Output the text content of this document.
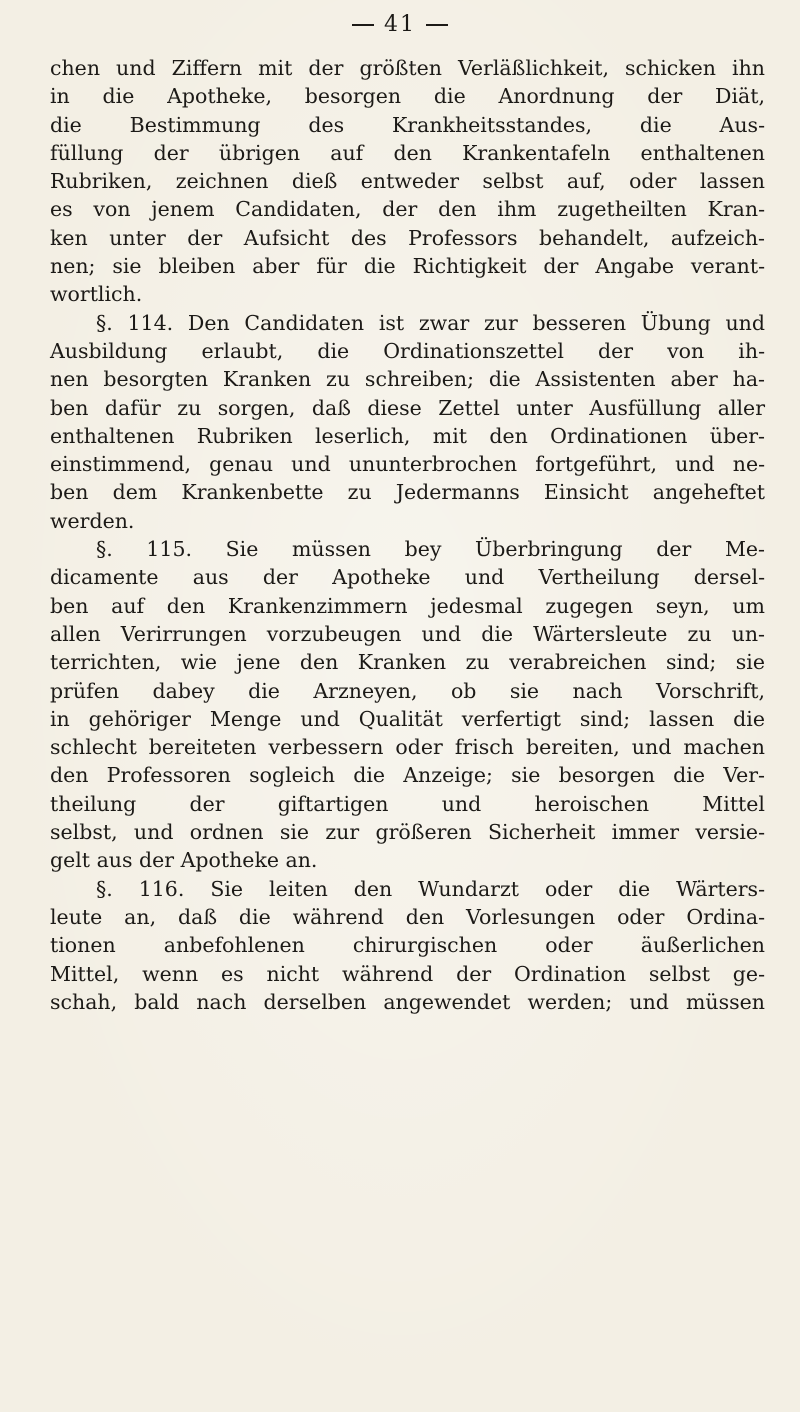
41
chen und Ziffern mit der größten Verläßlichkeit, schicken ihn
in die Apotheke, besorgen die Anordnung der Diät,
die Bestimmung des Krankheitsstandes, die Aus-
füllung der übrigen auf den Krankentafeln enthaltenen
Rubriken, zeichnen dieß entweder selbst auf, oder lassen
es von jenem Candidaten, der den ihm zugetheilten Kran-
ken unter der Aufsicht des Professors behandelt, aufzeich-
nen; sie bleiben aber für die Richtigkeit der Angabe verant-
wortlich.
§. 114. Den Candidaten ist zwar zur besseren Übung und
Ausbildung erlaubt, die Ordinationszettel der von ih-
nen besorgten Kranken zu schreiben; die Assistenten aber ha-
ben dafür zu sorgen, daß diese Zettel unter Ausfüllung aller
enthaltenen Rubriken leserlich, mit den Ordinationen über-
einstimmend, genau und ununterbrochen fortgeführt, und ne-
ben dem Krankenbette zu Jedermanns Einsicht angeheftet
werden.
§. 115. Sie müssen bey Überbringung der Me-
dicamente aus der Apotheke und Vertheilung dersel-
ben auf den Krankenzimmern jedesmal zugegen seyn, um
allen Verirrungen vorzubeugen und die Wärtersleute zu un-
terrichten, wie jene den Kranken zu verabreichen sind; sie
prüfen dabey die Arzneyen, ob sie nach Vorschrift,
in gehöriger Menge und Qualität verfertigt sind; lassen die
schlecht bereiteten verbessern oder frisch bereiten, und machen
den Professoren sogleich die Anzeige; sie besorgen die Ver-
theilung der giftartigen und heroischen Mittel
selbst, und ordnen sie zur größeren Sicherheit immer versie-
gelt aus der Apotheke an.
§. 116. Sie leiten den Wundarzt oder die Wärters-
leute an, daß die während den Vorlesungen oder Ordina-
tionen anbefohlenen chirurgischen oder äußerlichen
Mittel, wenn es nicht während der Ordination selbst ge-
schah, bald nach derselben angewendet werden; und müssen
